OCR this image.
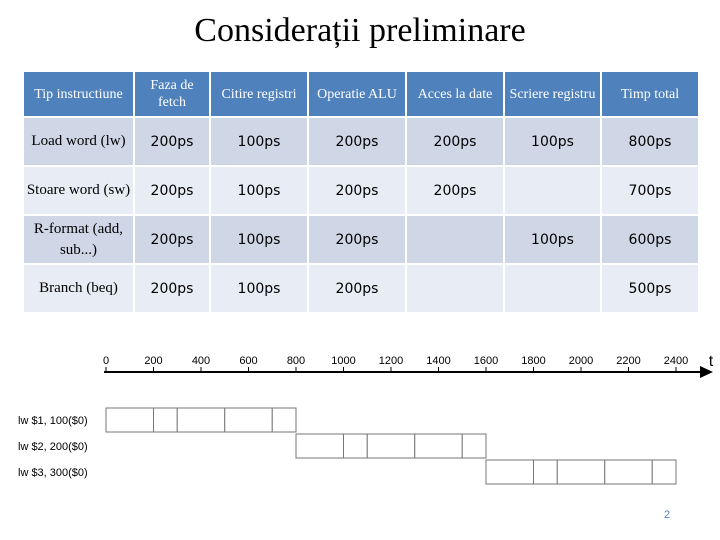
Considerații preliminare
Tip instructiune	Faza de fetch	Citire registri	Operatie ALU	Acces la date	Scriere registru	Timp total
Load word (lw)	200ps	100ps	200ps	200ps	100ps	800ps
Stoare word (sw)	200ps	100ps	200ps	200ps		700ps
R-format (add, sub...)	200ps	100ps	200ps		100ps	600ps
Branch (beq)	200ps	100ps	200ps			500ps
t
0	200	400	600	800 1000 1200 1400 1600 1800 2000 2200 2400
lw $1, 100($0)
lw $2, 200($0)
lw $3, 300($0)
2
